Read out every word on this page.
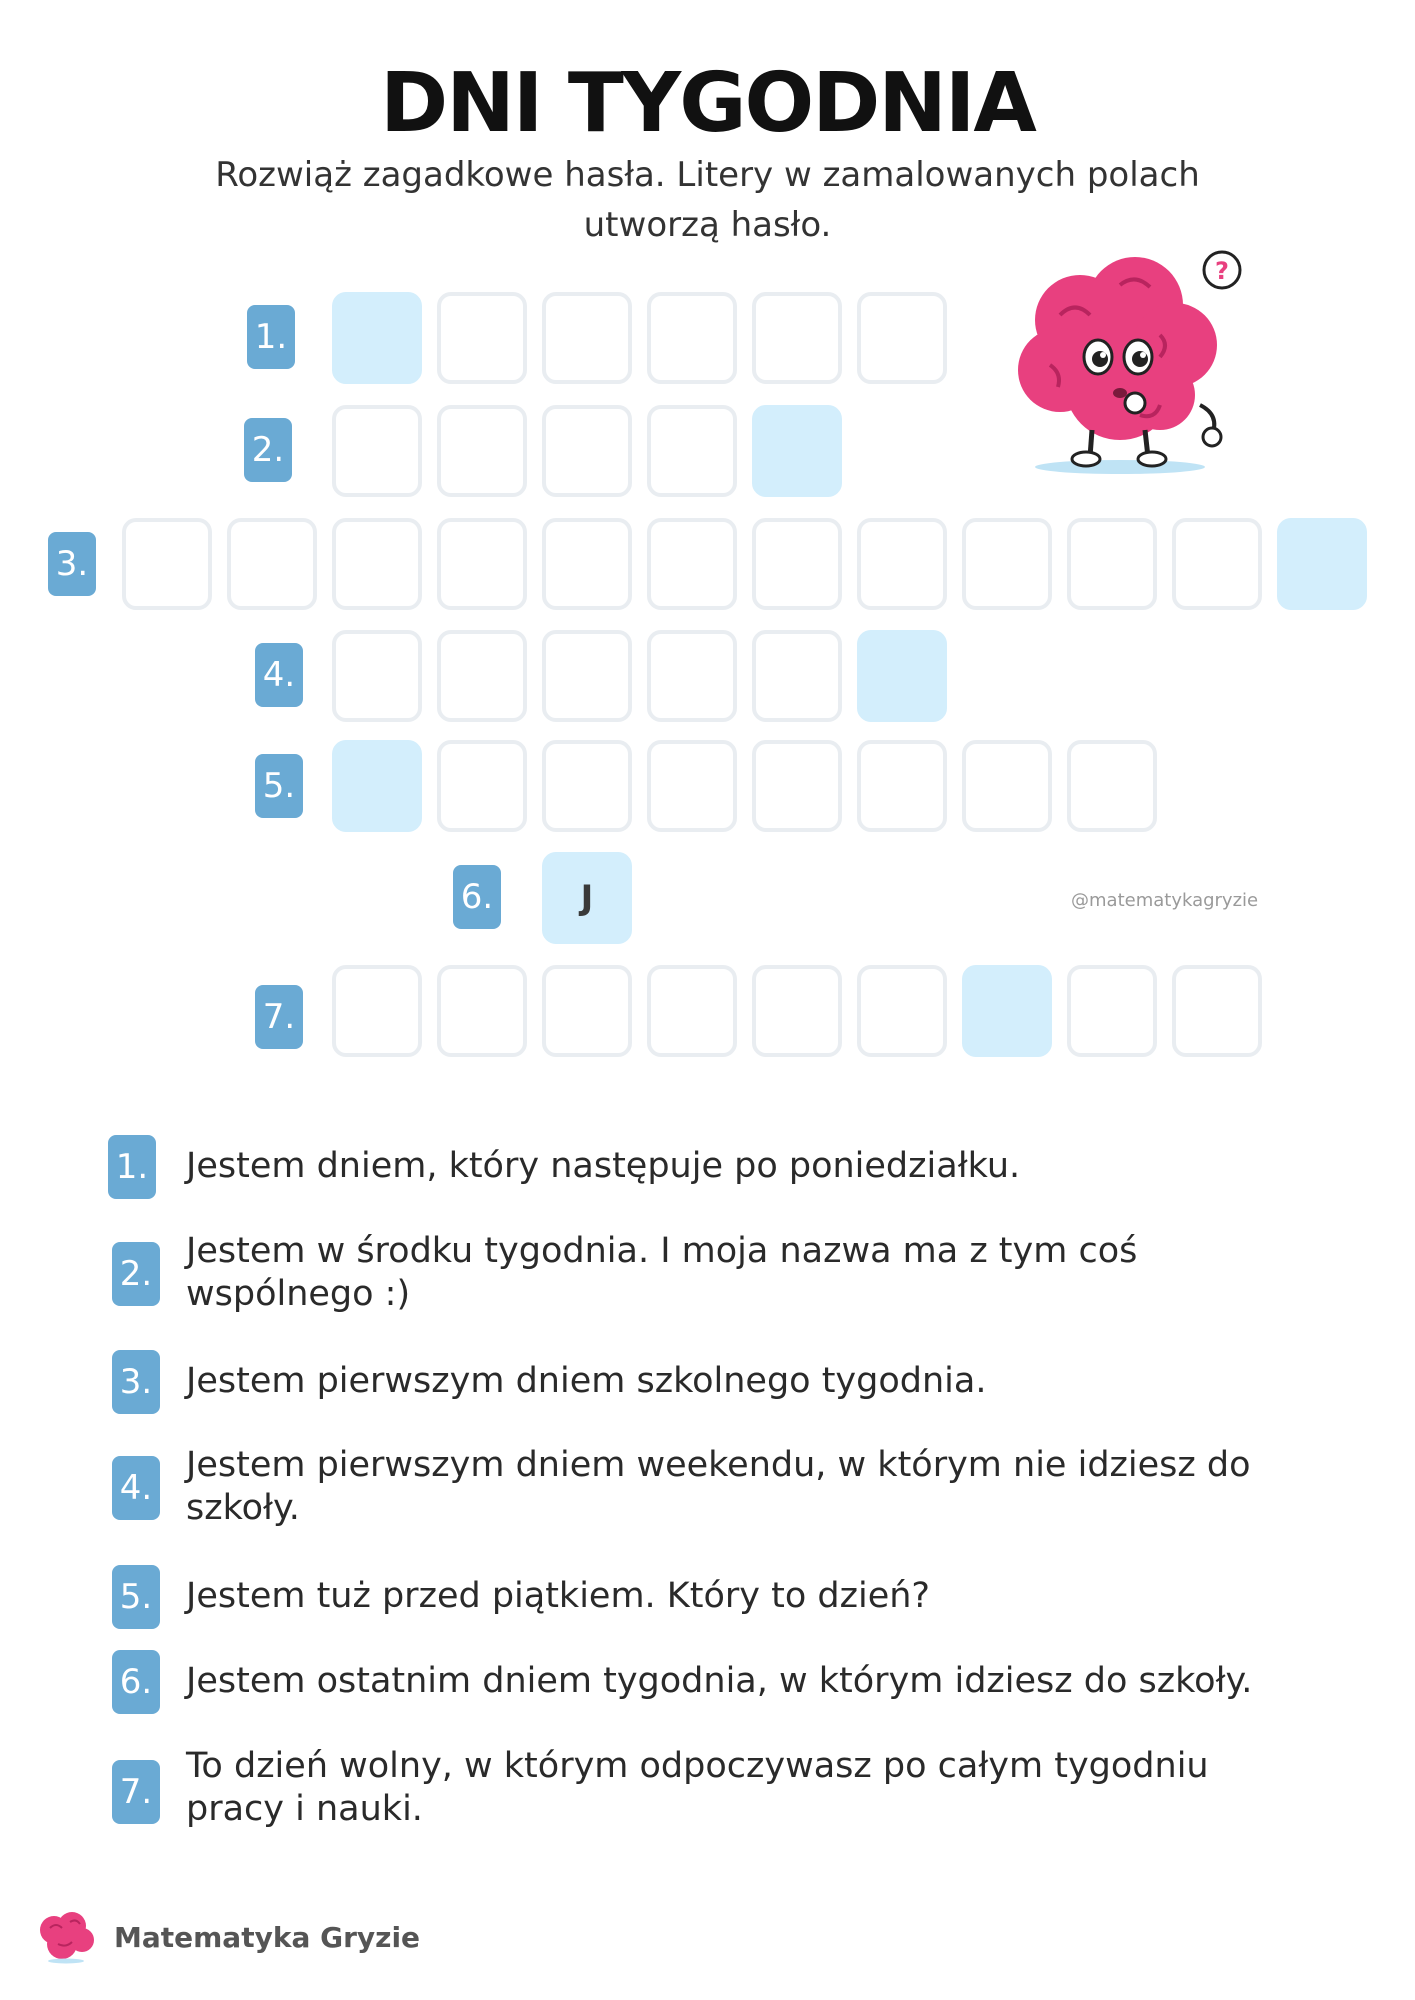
DNI TYGODNIA

Rozwiąż zagadkowe hasła. Litery w zamalowanych polach utworzą hasło.

?
1.
2.
3.
4.
5.
6.	J	@matematykagryzie
7.
1. Jestem dniem, który następuje po poniedziałku.
2.
Jestem w środku tygodnia. I moja nazwa ma z tym coś wspólnego :)
3. Jestem pierwszym dniem szkolnego tygodnia.
4.
Jestem pierwszym dniem weekendu, w którym nie idziesz do szkoły.
5. Jestem tuż przed piątkiem. Który to dzień?
6. Jestem ostatnim dniem tygodnia, w którym idziesz do szkoły.
7.
To dzień wolny, w którym odpoczywasz po całym tygodniu pracy i nauki.
Matematyka Gryzie
